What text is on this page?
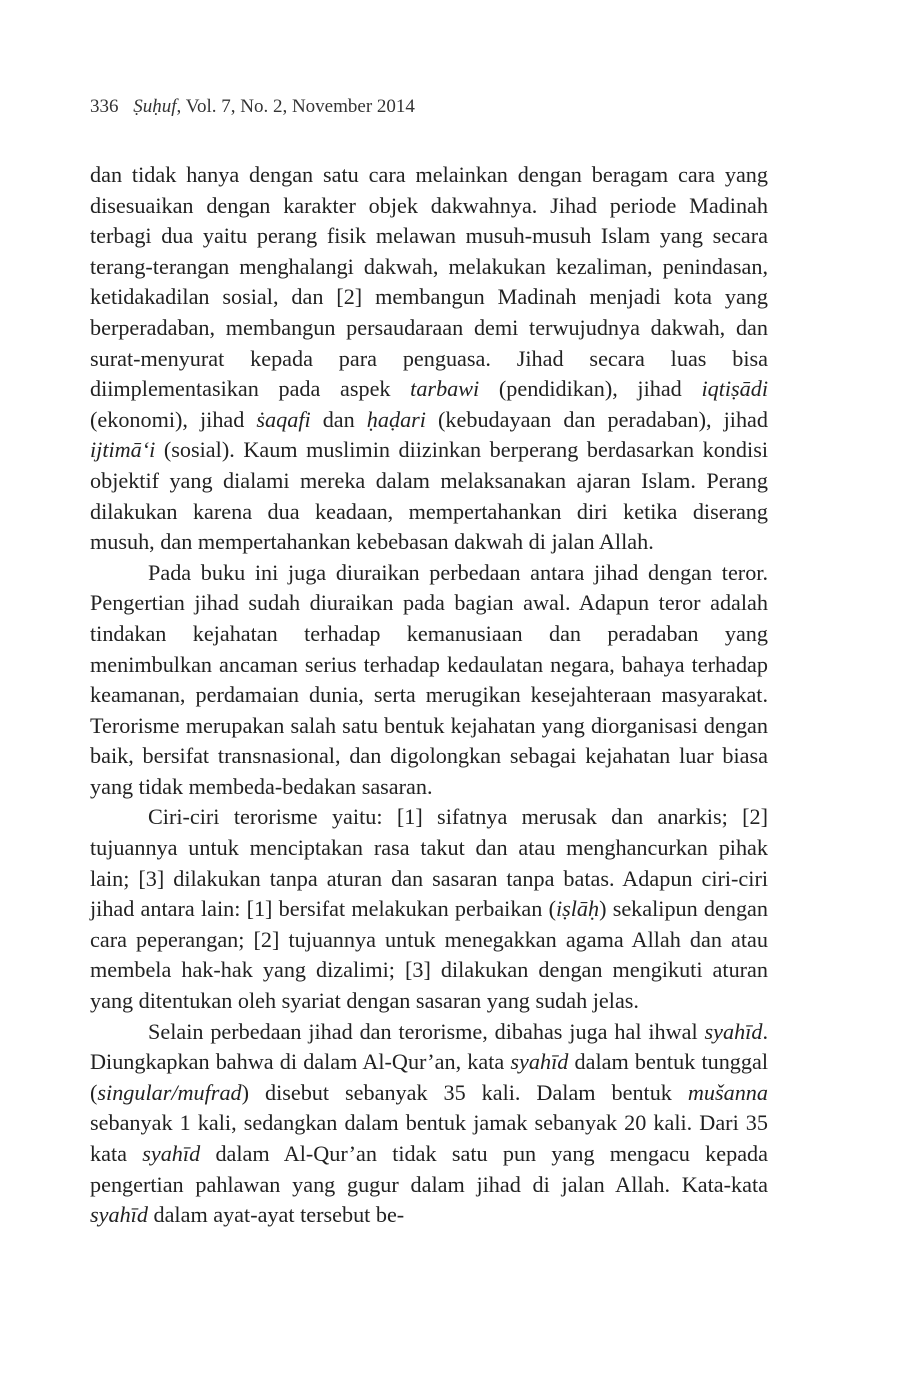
336 Ṣuḥuf, Vol. 7, No. 2, November 2014

dan tidak hanya dengan satu cara melainkan dengan beragam cara yang disesuaikan dengan karakter objek dakwahnya. Jihad periode Madinah terbagi dua yaitu perang fisik melawan musuh-musuh Islam yang secara terang-terangan menghalangi dakwah, melakukan kezaliman, penindasan, ketidakadilan sosial, dan [2] membangun Madinah menjadi kota yang berperadaban, membangun persaudaraan demi terwujudnya dakwah, dan surat-menyurat kepada para penguasa. Jihad secara luas bisa diimplementasikan pada aspek tarbawi (pendidikan), jihad iqtiṣādi (ekonomi), jihad ṡaqafi dan ḥaḍari (kebudayaan dan peradaban), jihad ijtimā‘i (sosial). Kaum muslimin diizinkan berperang berdasarkan kondisi objektif yang dialami mereka dalam melaksanakan ajaran Islam. Perang dilakukan karena dua keadaan, mempertahankan diri ketika diserang musuh, dan mempertahankan kebebasan dakwah di jalan Allah.

Pada buku ini juga diuraikan perbedaan antara jihad dengan teror. Pengertian jihad sudah diuraikan pada bagian awal. Adapun teror adalah tindakan kejahatan terhadap kemanusiaan dan peradaban yang menimbulkan ancaman serius terhadap kedaulatan negara, bahaya terhadap keamanan, perdamaian dunia, serta merugikan kesejahteraan masyarakat. Terorisme merupakan salah satu bentuk kejahatan yang diorganisasi dengan baik, bersifat transnasional, dan digolongkan sebagai kejahatan luar biasa yang tidak membeda-bedakan sasaran.

Ciri-ciri terorisme yaitu: [1] sifatnya merusak dan anarkis; [2] tujuannya untuk menciptakan rasa takut dan atau menghancurkan pihak lain; [3] dilakukan tanpa aturan dan sasaran tanpa batas. Adapun ciri-ciri jihad antara lain: [1] bersifat melakukan perbaikan (iṣlāḥ) sekalipun dengan cara peperangan; [2] tujuannya untuk menegakkan agama Allah dan atau membela hak-hak yang dizalimi; [3] dilakukan dengan mengikuti aturan yang ditentukan oleh syariat dengan sasaran yang sudah jelas.

Selain perbedaan jihad dan terorisme, dibahas juga hal ihwal syahīd. Diungkapkan bahwa di dalam Al-Qur’an, kata syahīd dalam bentuk tunggal (singular/mufrad) disebut sebanyak 35 kali. Dalam bentuk mušanna sebanyak 1 kali, sedangkan dalam bentuk jamak sebanyak 20 kali. Dari 35 kata syahīd dalam Al-Qur’an tidak satu pun yang mengacu kepada pengertian pahlawan yang gugur dalam jihad di jalan Allah. Kata-kata syahīd dalam ayat-ayat tersebut be-
